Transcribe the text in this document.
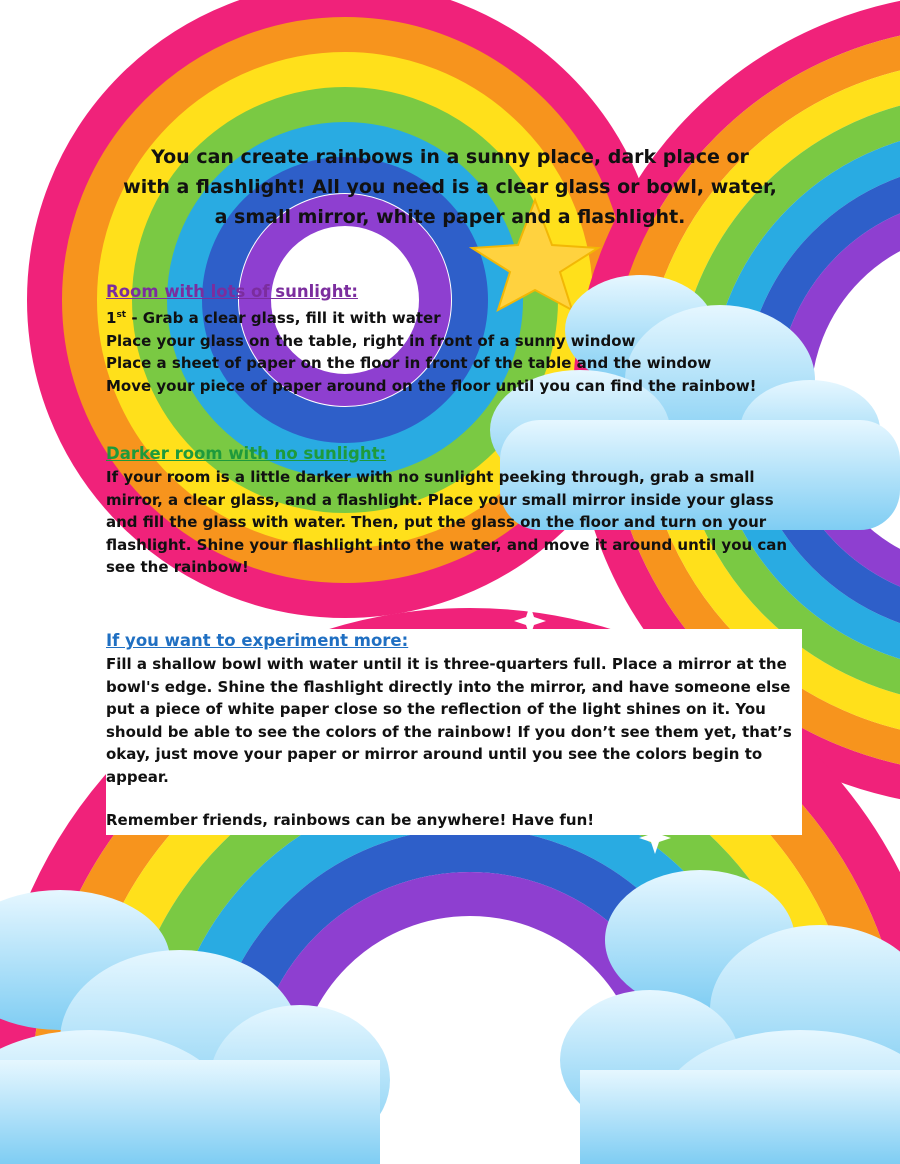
You can create rainbows in a sunny place, dark place or
with a flashlight! All you need is a clear glass or bowl, water,
a small mirror, white paper and a flashlight.
Room with lots of sunlight:
1st - Grab a clear glass, fill it with water
Place your glass on the table, right in front of a sunny window
Place a sheet of paper on the floor in front of the table and the window
Move your piece of paper around on the floor until you can find the rainbow!
Darker room with no sunlight:
If your room is a little darker with no sunlight peeking through, grab a small
mirror, a clear glass, and a flashlight. Place your small mirror inside your glass
and fill the glass with water. Then, put the glass on the floor and turn on your
flashlight. Shine your flashlight into the water, and move it around until you can
see the rainbow!
If you want to experiment more:
Fill a shallow bowl with water until it is three-quarters full. Place a mirror at the
bowl's edge. Shine the flashlight directly into the mirror, and have someone else
put a piece of white paper close so the reflection of the light shines on it. You
should be able to see the colors of the rainbow! If you don’t see them yet, that’s
okay, just move your paper or mirror around until you see the colors begin to
appear.
Remember friends, rainbows can be anywhere! Have fun!
